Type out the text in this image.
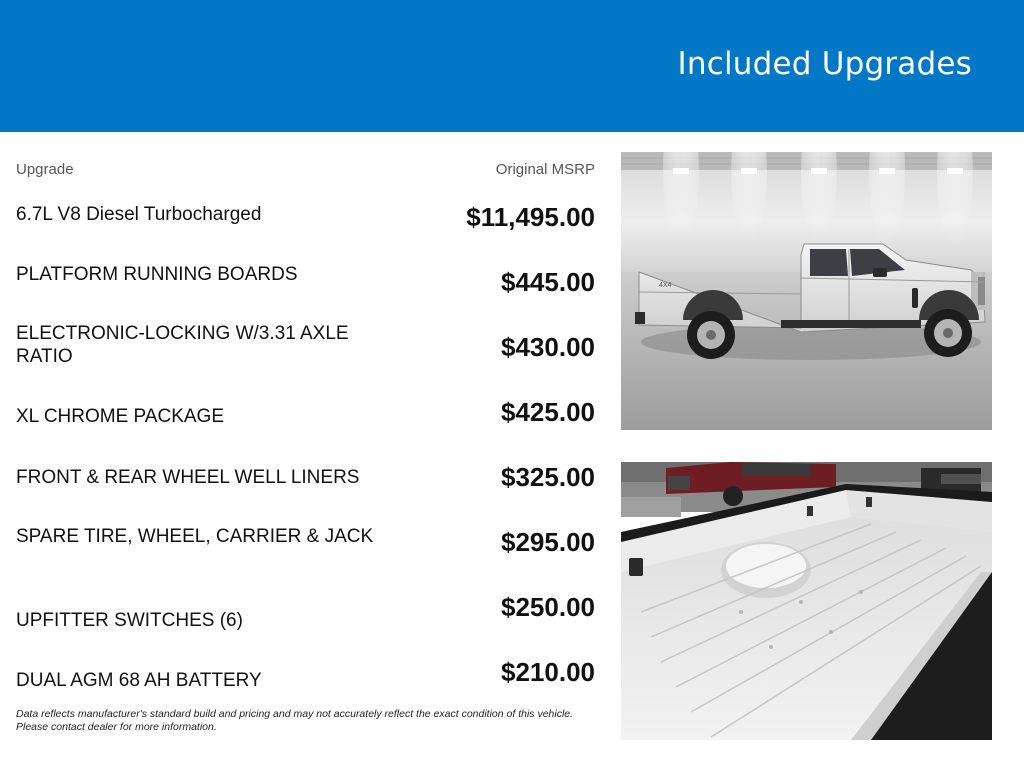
Included Upgrades
Upgrade	Original MSRP
6.7L V8 Diesel Turbocharged	$11,495.00
PLATFORM RUNNING BOARDS	$445.00
ELECTRONIC-LOCKING W/3.31 AXLE RATIO	$430.00
XL CHROME PACKAGE	$425.00
FRONT & REAR WHEEL WELL LINERS	$325.00
SPARE TIRE, WHEEL, CARRIER & JACK	$295.00
UPFITTER SWITCHES (6)	$250.00
DUAL AGM 68 AH BATTERY	$210.00
Data reflects manufacturer's standard build and pricing and may not accurately reflect the exact condition of this vehicle. Please contact dealer for more information.
4X4
